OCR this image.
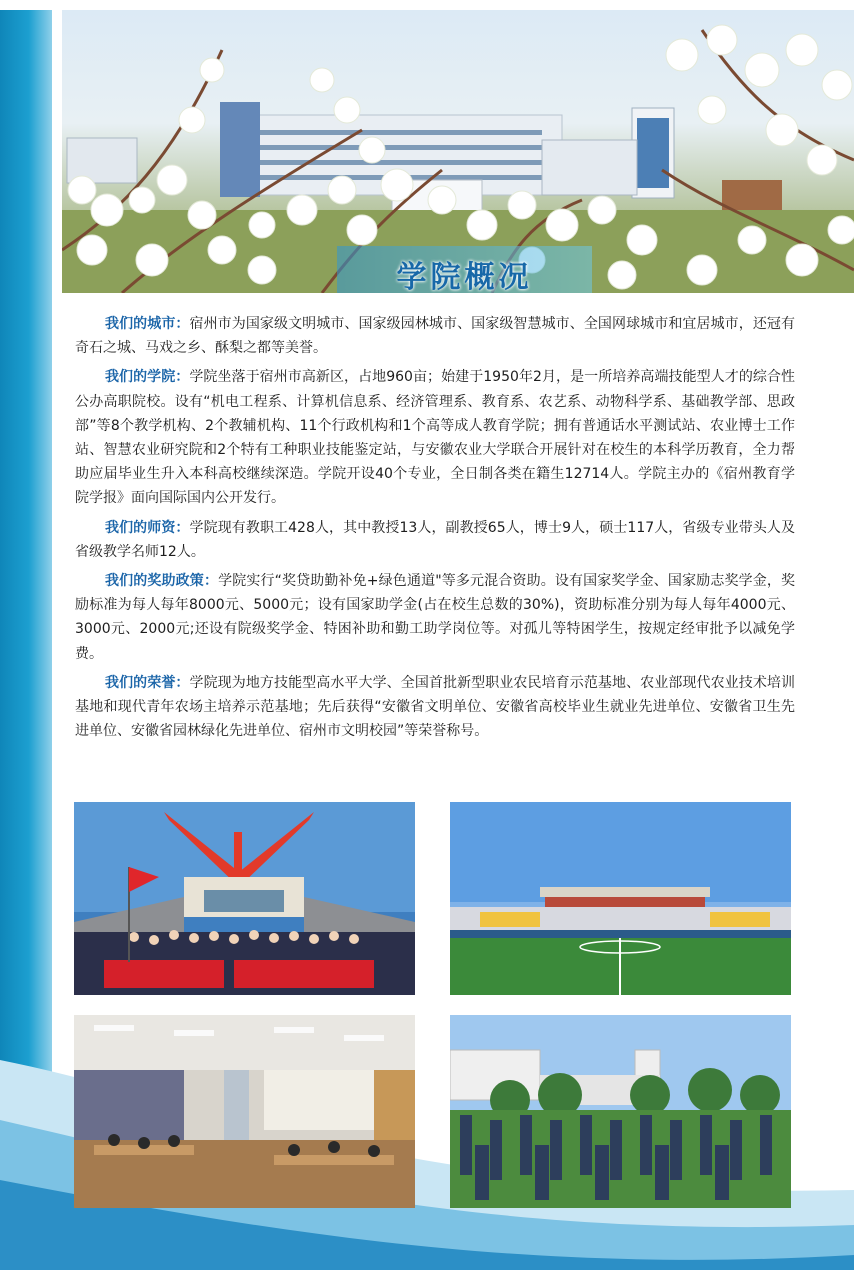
学院概况

我们的城市：宿州市为国家级文明城市、国家级园林城市、国家级智慧城市、全国网球城市和宜居城市，还冠有奇石之城、马戏之乡、酥梨之都等美誉。

我们的学院：学院坐落于宿州市高新区，占地960亩；始建于1950年2月，是一所培养高端技能型人才的综合性公办高职院校。设有“机电工程系、计算机信息系、经济管理系、教育系、农艺系、动物科学系、基础教学部、思政部”等8个教学机构、2个教辅机构、11个行政机构和1个高等成人教育学院；拥有普通话水平测试站、农业博士工作站、智慧农业研究院和2个特有工种职业技能鉴定站，与安徽农业大学联合开展针对在校生的本科学历教育，全力帮助应届毕业生升入本科高校继续深造。学院开设40个专业，全日制各类在籍生12714人。学院主办的《宿州教育学院学报》面向国际国内公开发行。

我们的师资：学院现有教职工428人，其中教授13人，副教授65人，博士9人，硕士117人，省级专业带头人及省级教学名师12人。

我们的奖助政策：学院实行“奖贷助勤补免+绿色通道"等多元混合资助。设有国家奖学金、国家励志奖学金，奖励标准为每人每年8000元、5000元；设有国家助学金(占在校生总数的30%)，资助标准分别为每人每年4000元、3000元、2000元;还设有院级奖学金、特困补助和勤工助学岗位等。对孤儿等特困学生，按规定经审批予以减免学费。

我们的荣誉：学院现为地方技能型高水平大学、全国首批新型职业农民培育示范基地、农业部现代农业技术培训基地和现代青年农场主培养示范基地；先后获得“安徽省文明单位、安徽省高校毕业生就业先进单位、安徽省卫生先进单位、安徽省园林绿化先进单位、宿州市文明校园”等荣誉称号。
